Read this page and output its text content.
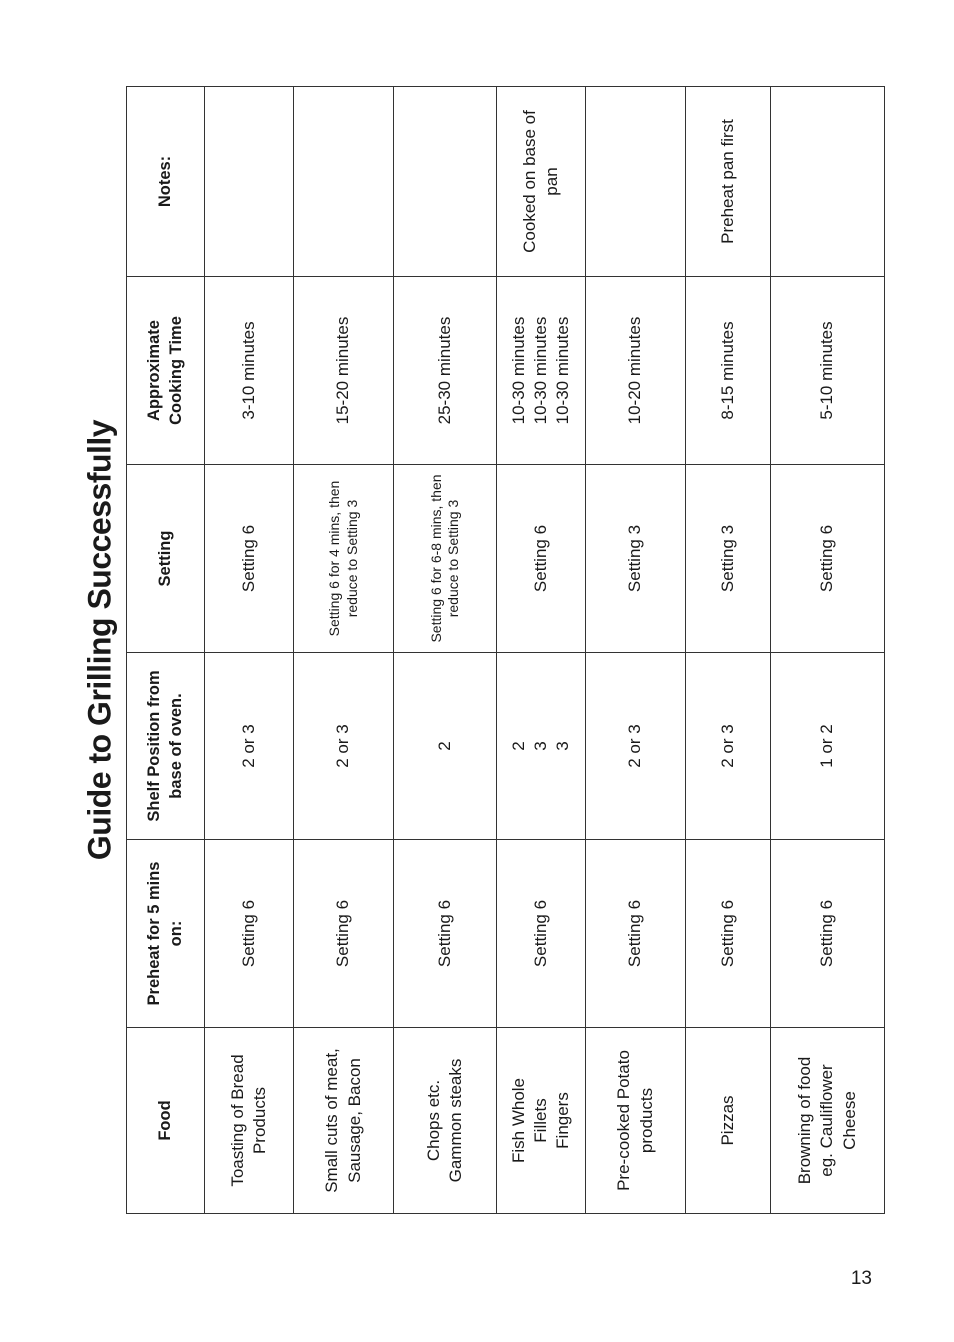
Guide to Grilling Successfully
Food	Preheat for 5 mins on:	Shelf Position from base of oven.	Setting	Approximate Cooking Time	Notes:

Toasting of Bread Products	Setting 6	2 or 3	Setting 6	3-10 minutes	

Small cuts of meat, Sausage, Bacon	Setting 6	2 or 3	Setting 6 for 4 mins, then reduce to Setting 3	15-20 minutes	

Chops etc. Gammon steaks	Setting 6	2	Setting 6 for 6-8 mins, then reduce to Setting 3	25-30 minutes	

Fish Whole Fillets Fingers	Setting 6	2 3 3	Setting 6	10-30 minutes 10-30 minutes 10-30 minutes	Cooked on base of pan

Pre-cooked Potato products	Setting 6	2 or 3	Setting 3	10-20 minutes	

Pizzas	Setting 6	2 or 3	Setting 3	8-15 minutes	Preheat pan first

Browning of food eg. Cauliflower Cheese	Setting 6	1 or 2	Setting 6	5-10 minutes	

13
